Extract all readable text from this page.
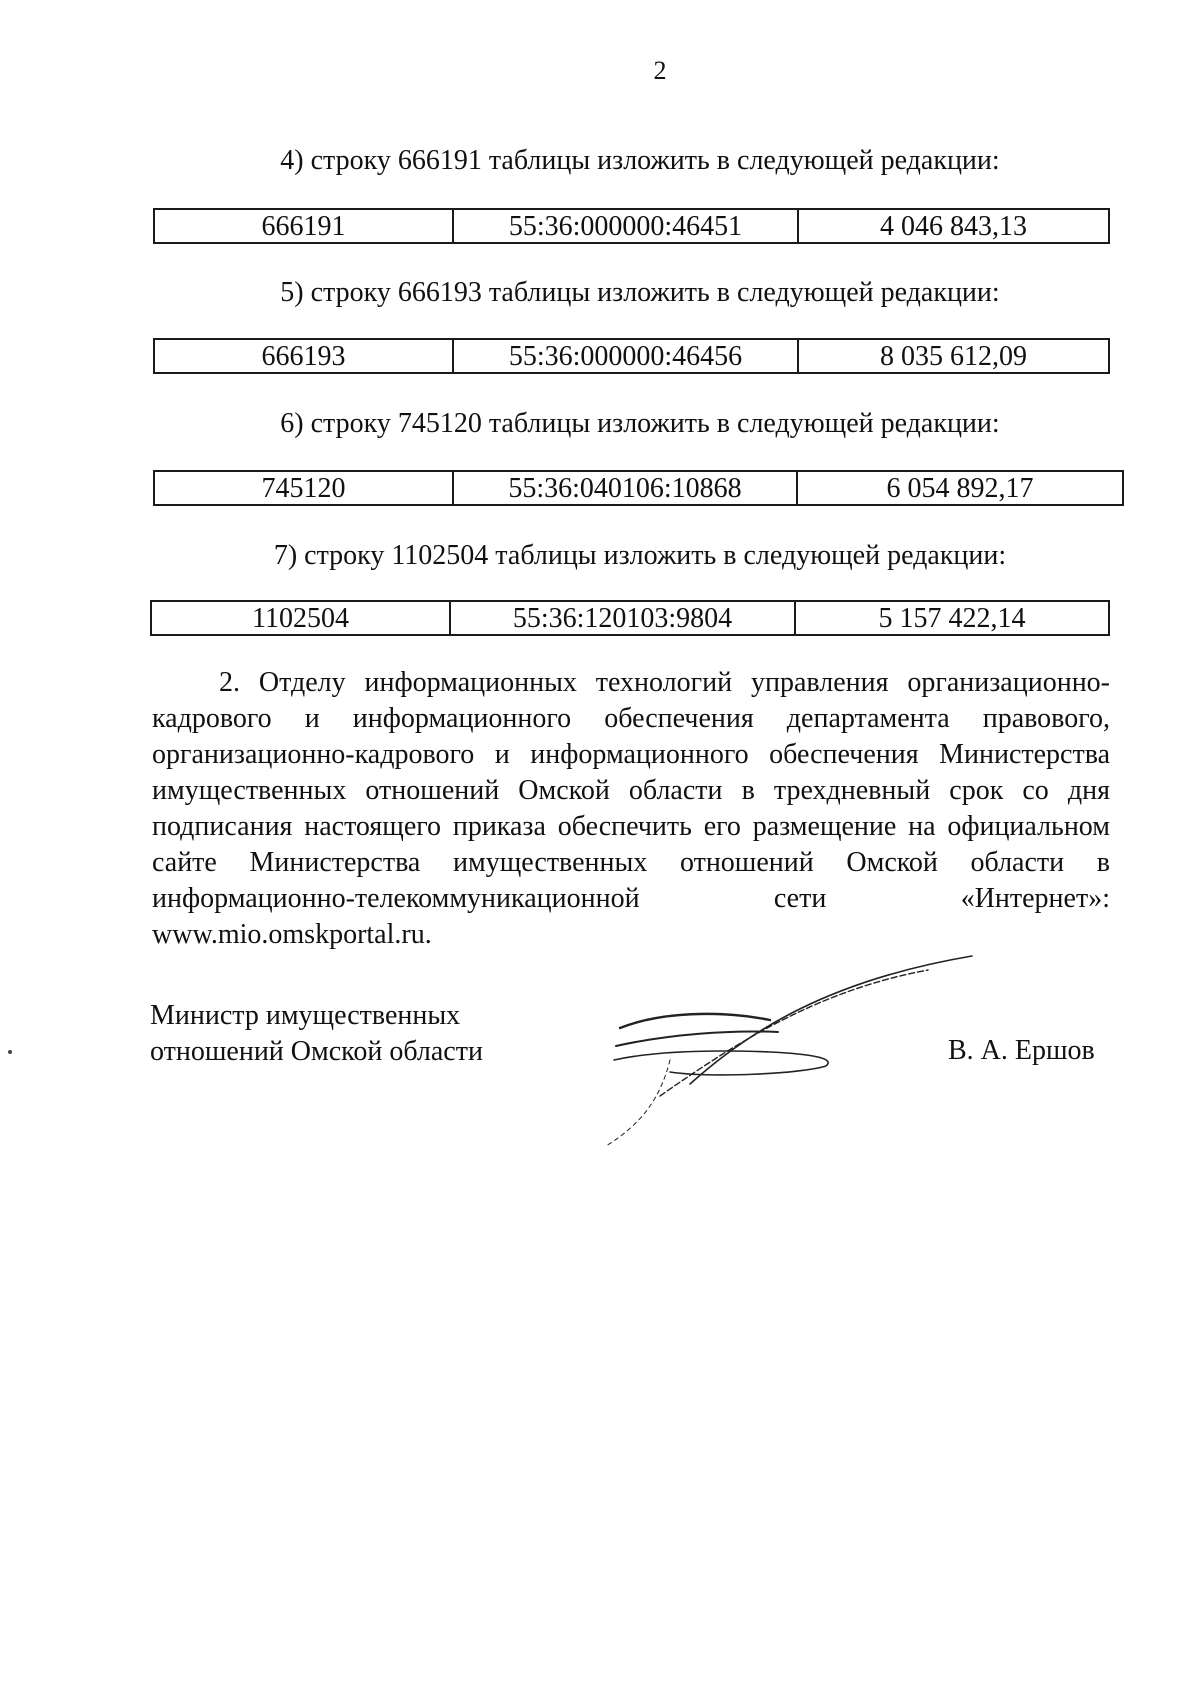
2
4) строку 666191 таблицы изложить в следующей редакции:
666191	55:36:000000:46451	4 046 843,13
5) строку 666193 таблицы изложить в следующей редакции:
666193	55:36:000000:46456	8 035 612,09
6) строку 745120 таблицы изложить в следующей редакции:
745120	55:36:040106:10868	6 054 892,17
7) строку 1102504 таблицы изложить в следующей редакции:
1102504	55:36:120103:9804	5 157 422,14
2. Отделу информационных технологий управления организационно-кадрового и информационного обеспечения департамента правового, организационно-кадрового и информационного обеспечения Министерства имущественных отношений Омской области в трехдневный срок со дня подписания настоящего приказа обеспечить его размещение на официальном сайте Министерства имущественных отношений Омской области в информационно-телекоммуникационной сети «Интернет»: www.mio.omskportal.ru.
Министр имущественных
отношений Омской области	В. А. Ершов
